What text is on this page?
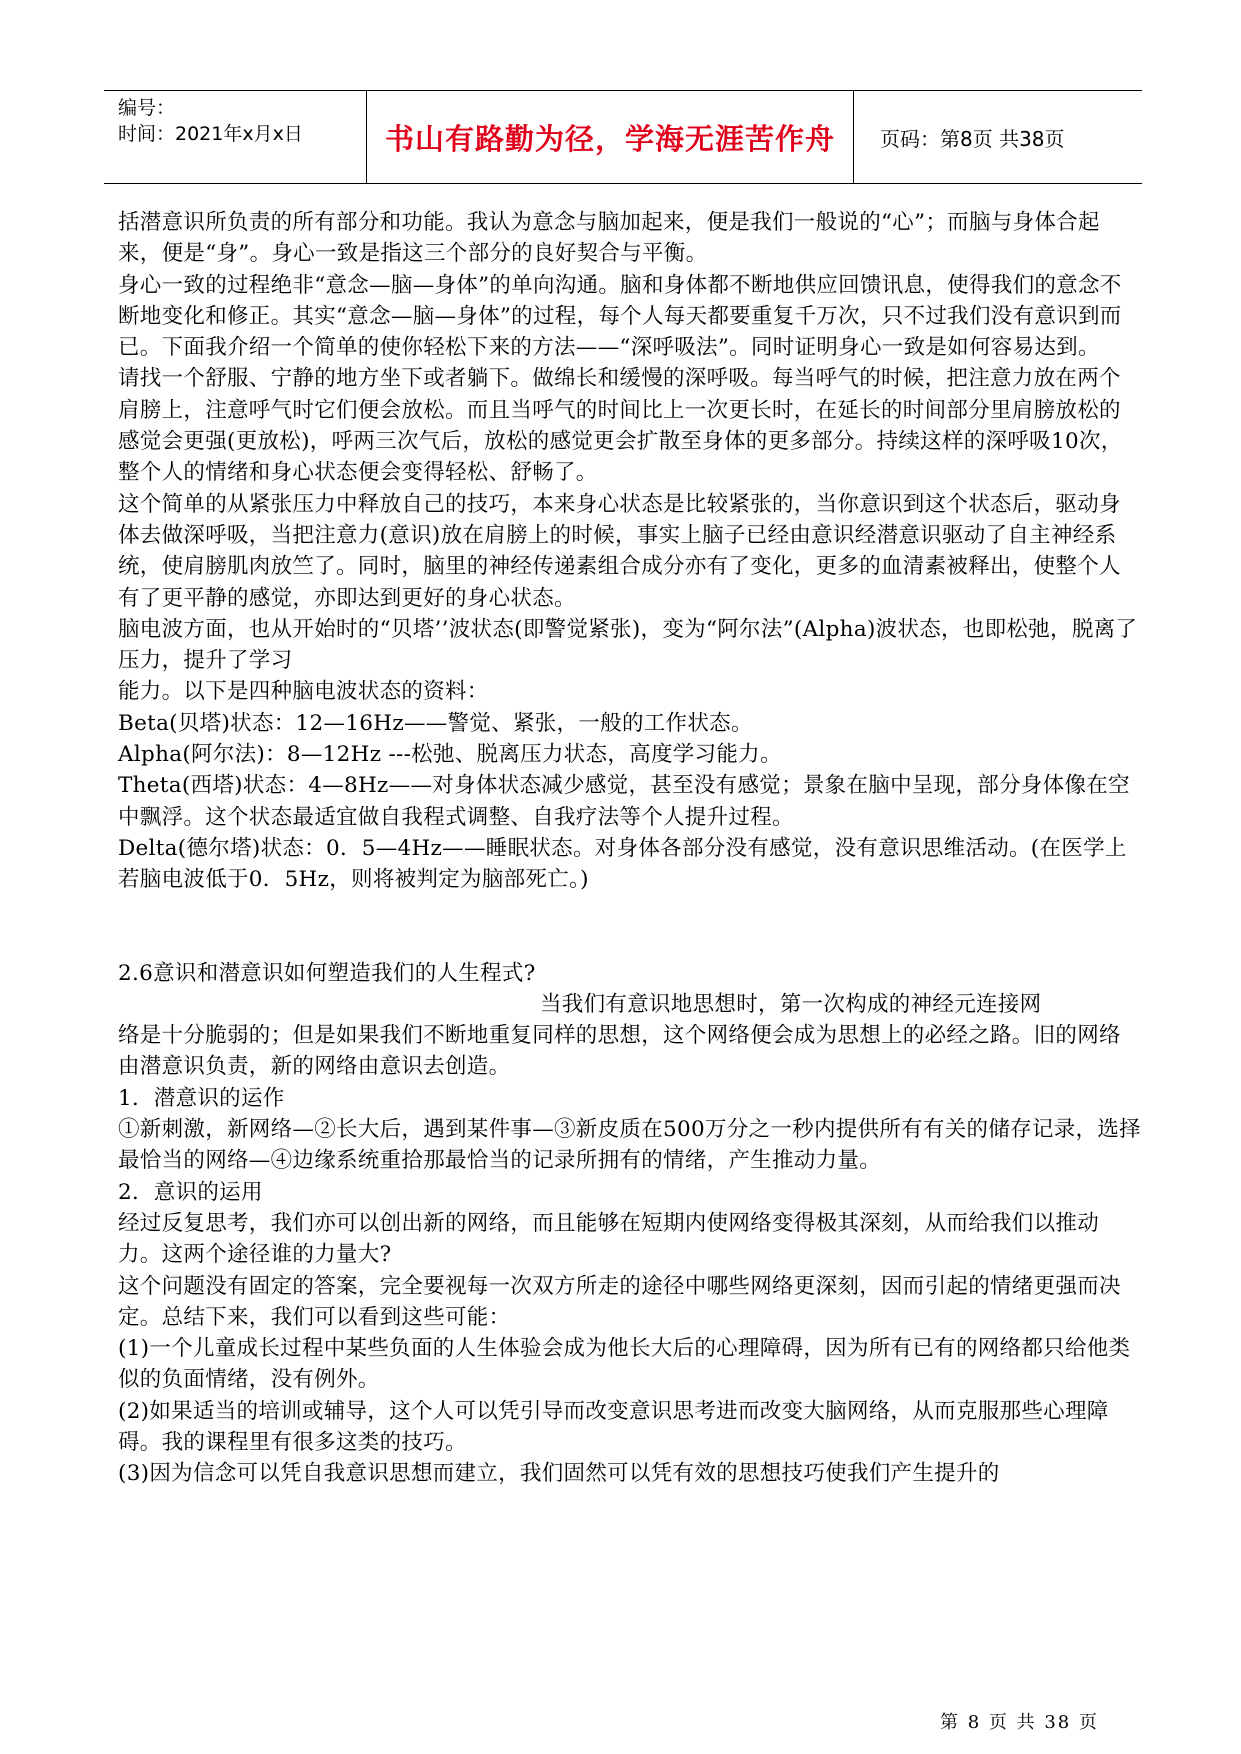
编号：
时间：2021年x月x日	书山有路勤为径，学海无涯苦作舟 页码：第8页 共38页

括潜意识所负责的所有部分和功能。我认为意念与脑加起来，便是我们一般说的“心”；而脑与身体合起来，便是“身”。身心一致是指这三个部分的良好契合与平衡。

身心一致的过程绝非“意念—脑—身体”的单向沟通。脑和身体都不断地供应回馈讯息，使得我们的意念不断地变化和修正。其实“意念—脑—身体”的过程，每个人每天都要重复千万次，只不过我们没有意识到而已。下面我介绍一个简单的使你轻松下来的方法——“深呼吸法”。同时证明身心一致是如何容易达到。

请找一个舒服、宁静的地方坐下或者躺下。做绵长和缓慢的深呼吸。每当呼气的时候，把注意力放在两个肩膀上，注意呼气时它们便会放松。而且当呼气的时间比上一次更长时，在延长的时间部分里肩膀放松的感觉会更强(更放松)，呼两三次气后，放松的感觉更会扩散至身体的更多部分。持续这样的深呼吸10次，整个人的情绪和身心状态便会变得轻松、舒畅了。

这个简单的从紧张压力中释放自己的技巧，本来身心状态是比较紧张的，当你意识到这个状态后，驱动身体去做深呼吸，当把注意力(意识)放在肩膀上的时候，事实上脑子已经由意识经潜意识驱动了自主神经系统，使肩膀肌肉放竺了。同时，脑里的神经传递素组合成分亦有了变化，更多的血清素被释出，使整个人有了更平静的感觉，亦即达到更好的身心状态。

脑电波方面，也从开始时的“贝塔’’波状态(即警觉紧张)，变为“阿尔法”(Alpha)波状态，也即松弛，脱离了压力，提升了学习

能力。以下是四种脑电波状态的资料：

Beta(贝塔)状态：12—16Hz——警觉、紧张，一般的工作状态。

Alpha(阿尔法)：8—12Hz ---松弛、脱离压力状态，高度学习能力。

Theta(西塔)状态：4—8Hz——对身体状态减少感觉，甚至没有感觉；景象在脑中呈现，部分身体像在空中飘浮。这个状态最适宜做自我程式调整、自我疗法等个人提升过程。

Delta(德尔塔)状态：0．5—4Hz——睡眠状态。对身体各部分没有感觉，没有意识思维活动。(在医学上若脑电波低于0．5Hz，则将被判定为脑部死亡。)

2.6意识和潜意识如何塑造我们的人生程式?

当我们有意识地思想时，第一次构成的神经元连接网

络是十分脆弱的；但是如果我们不断地重复同样的思想，这个网络便会成为思想上的必经之路。旧的网络由潜意识负责，新的网络由意识去创造。

1．潜意识的运作

①新刺激，新网络—②长大后，遇到某件事—③新皮质在500万分之一秒内提供所有有关的储存记录，选择最恰当的网络—④边缘系统重拾那最恰当的记录所拥有的情绪，产生推动力量。

2．意识的运用

经过反复思考，我们亦可以创出新的网络，而且能够在短期内使网络变得极其深刻，从而给我们以推动力。这两个途径谁的力量大?

这个问题没有固定的答案，完全要视每一次双方所走的途径中哪些网络更深刻，因而引起的情绪更强而决定。总结下来，我们可以看到这些可能：

(1)一个儿童成长过程中某些负面的人生体验会成为他长大后的心理障碍，因为所有已有的网络都只给他类似的负面情绪，没有例外。

(2)如果适当的培训或辅导，这个人可以凭引导而改变意识思考进而改变大脑网络，从而克服那些心理障碍。我的课程里有很多这类的技巧。

(3)因为信念可以凭自我意识思想而建立，我们固然可以凭有效的思想技巧使我们产生提升的

第 8 页 共 38 页
